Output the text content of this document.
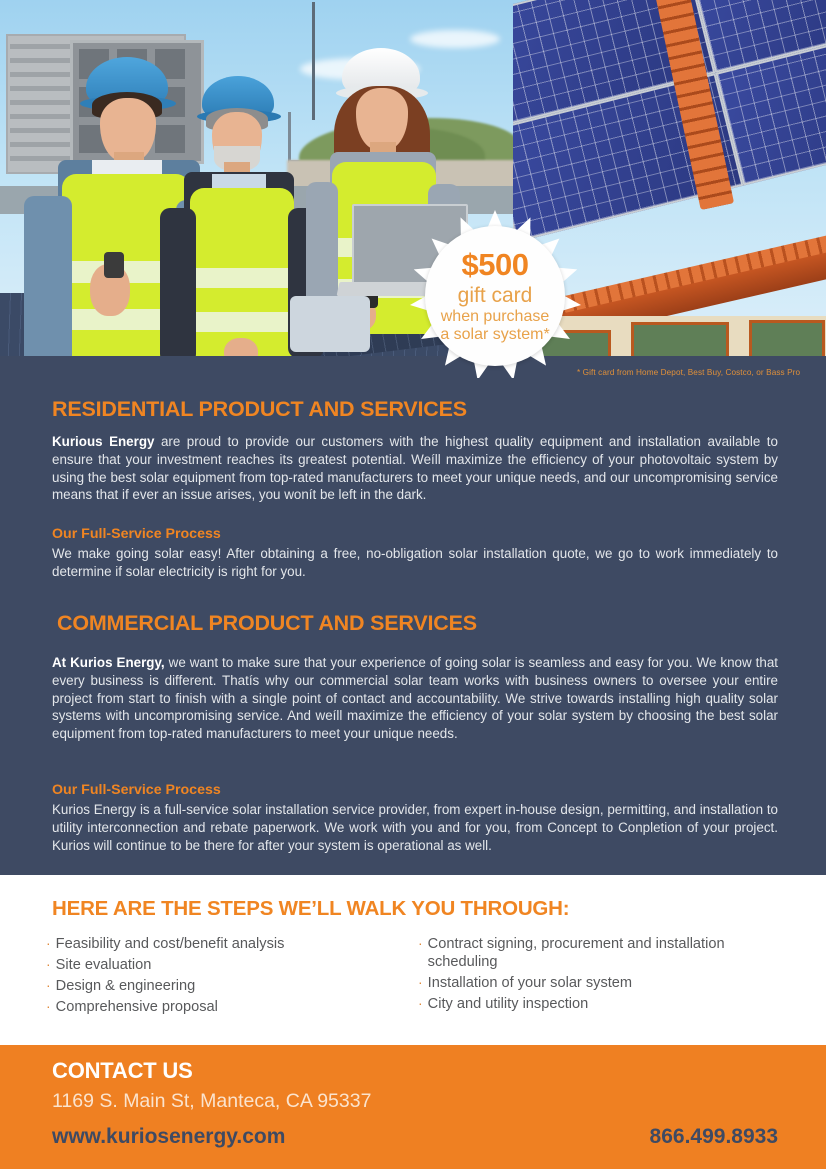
$500
gift card
when purchase
a solar system*
* Gift card from Home Depot, Best Buy, Costco, or Bass Pro
RESIDENTIAL PRODUCT AND SERVICES
Kurious Energy are proud to provide our customers with the highest quality equipment and installation available to ensure that your investment reaches its greatest potential. Weíll maximize the efficiency of your photovoltaic system by using the best solar equipment from top-rated manufacturers to meet your unique needs, and our uncompromising service means that if ever an issue arises, you wonít be left in the dark.
Our Full-Service Process
We make going solar easy! After obtaining a free, no-obligation solar installation quote, we go to work immediately to determine if solar electricity is right for you.
COMMERCIAL PRODUCT AND SERVICES
At Kurios Energy, we want to make sure that your experience of going solar is seamless and easy for you. We know that every business is different. Thatís why our commercial solar team works with business owners to oversee your entire project from start to finish with a single point of contact and accountability. We strive towards installing high quality solar systems with uncompromising service. And weíll maximize the efficiency of your solar system by choosing the best solar equipment from top-rated manufacturers to meet your unique needs.
Our Full-Service Process
Kurios Energy is a full-service solar installation service provider, from expert in-house design, permitting, and installation to utility interconnection and rebate paperwork. We work with you and for you, from Concept to Conpletion of your project. Kurios will continue to be there for after your system is operational as well.
HERE ARE THE STEPS WE’LL WALK YOU THROUGH:
· Feasibility and cost/benefit analysis
· Site evaluation
· Design & engineering
· Comprehensive proposal
· Contract signing, procurement and installation scheduling
· Installation of your solar system
· City and utility inspection
CONTACT US
1169 S. Main St, Manteca, CA 95337
www.kuriosenergy.com	866.499.8933
